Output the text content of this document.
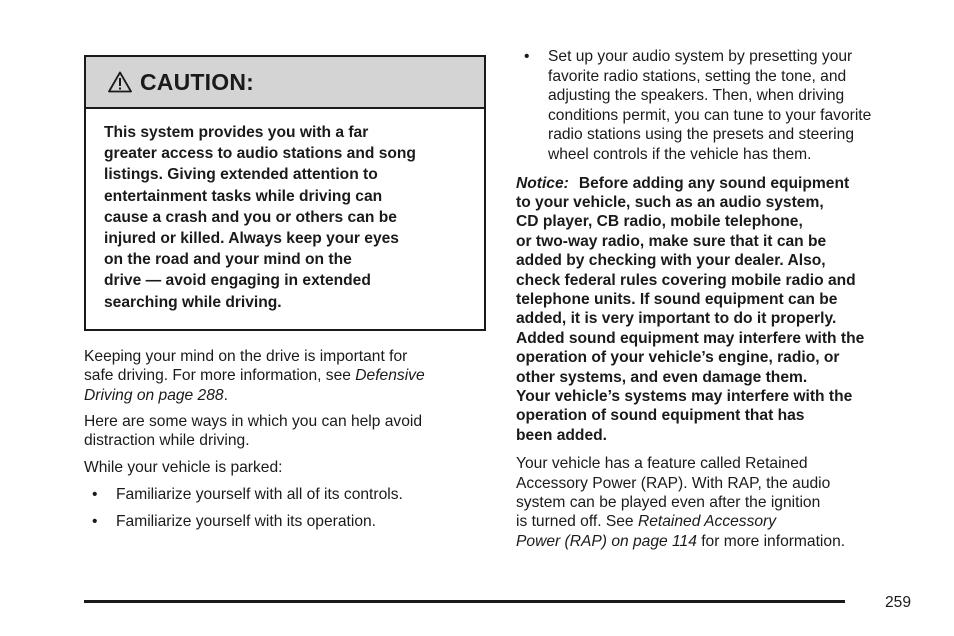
CAUTION:
This system provides you with a far
greater access to audio stations and song
listings. Giving extended attention to
entertainment tasks while driving can
cause a crash and you or others can be
injured or killed. Always keep your eyes
on the road and your mind on the
drive — avoid engaging in extended
searching while driving.

Keeping your mind on the drive is important for
safe driving. For more information, see Defensive
Driving on page 288.

Here are some ways in which you can help avoid
distraction while driving.

While your vehicle is parked:

• Familiarize yourself with all of its controls.
• Familiarize yourself with its operation.
• Set up your audio system by presetting your
favorite radio stations, setting the tone, and
adjusting the speakers. Then, when driving
conditions permit, you can tune to your favorite
radio stations using the presets and steering
wheel controls if the vehicle has them.
Notice: Before adding any sound equipment
to your vehicle, such as an audio system,
CD player, CB radio, mobile telephone,
or two-way radio, make sure that it can be
added by checking with your dealer. Also,
check federal rules covering mobile radio and
telephone units. If sound equipment can be
added, it is very important to do it properly.
Added sound equipment may interfere with the
operation of your vehicle’s engine, radio, or
other systems, and even damage them.
Your vehicle’s systems may interfere with the
operation of sound equipment that has
been added.

Your vehicle has a feature called Retained
Accessory Power (RAP). With RAP, the audio
system can be played even after the ignition
is turned off. See Retained Accessory
Power (RAP) on page 114 for more information.

259
